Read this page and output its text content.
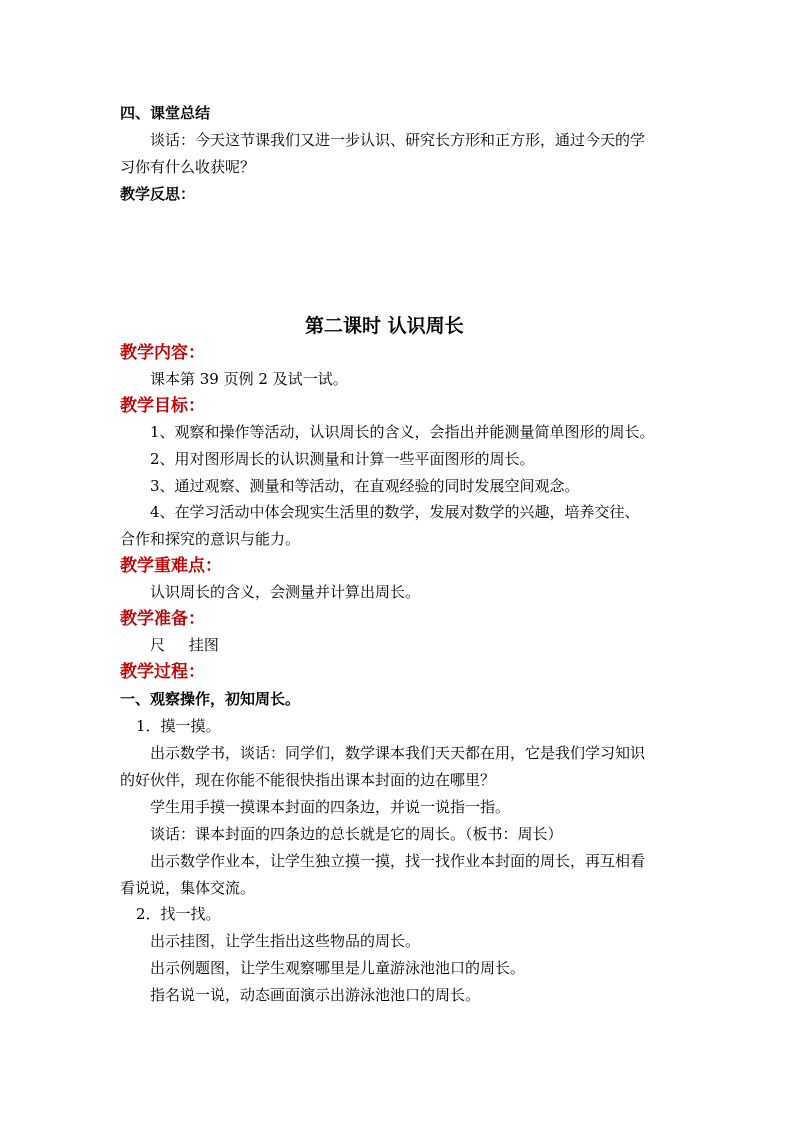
四、课堂总结
谈话：今天这节课我们又进一步认识、研究长方形和正方形，通过今天的学
习你有什么收获呢？
教学反思：
第二课时 认识周长
教学内容：
课本第 39 页例 2 及试一试。
教学目标：
1、观察和操作等活动，认识周长的含义，会指出并能测量简单图形的周长。
2、用对图形周长的认识测量和计算一些平面图形的周长。
3、通过观察、测量和等活动，在直观经验的同时发展空间观念。
4、在学习活动中体会现实生活里的数学，发展对数学的兴趣，培养交往、
合作和探究的意识与能力。
教学重难点：
认识周长的含义，会测量并计算出周长。
教学准备：
尺     挂图
教学过程：
一、观察操作，初知周长。
1．摸一摸。
出示数学书，谈话：同学们，数学课本我们天天都在用，它是我们学习知识
的好伙伴，现在你能不能很快指出课本封面的边在哪里？
学生用手摸一摸课本封面的四条边，并说一说指一指。
谈话：课本封面的四条边的总长就是它的周长。（板书：周长）
出示数学作业本，让学生独立摸一摸，找一找作业本封面的周长，再互相看
看说说，集体交流。
2．找一找。
出示挂图，让学生指出这些物品的周长。
出示例题图，让学生观察哪里是儿童游泳池池口的周长。
指名说一说，动态画面演示出游泳池池口的周长。
